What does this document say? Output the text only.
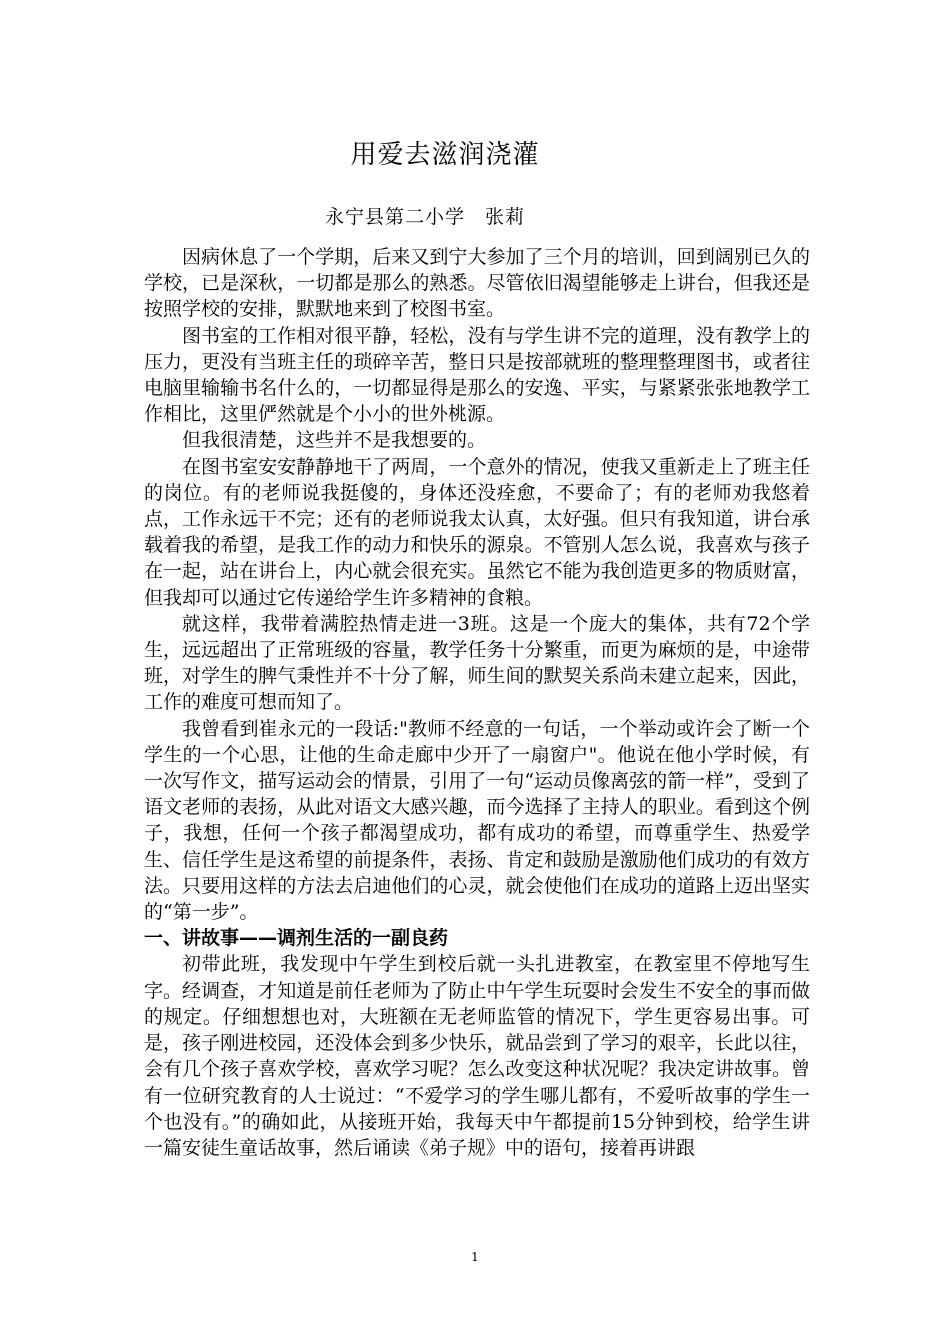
用爱去滋润浇灌
永宁县第二小学　张莉

因病休息了一个学期，后来又到宁大参加了三个月的培训，回到阔别已久的学校，已是深秋，一切都是那么的熟悉。尽管依旧渴望能够走上讲台，但我还是按照学校的安排，默默地来到了校图书室。

图书室的工作相对很平静，轻松，没有与学生讲不完的道理，没有教学上的压力，更没有当班主任的琐碎辛苦，整日只是按部就班的整理整理图书，或者往电脑里输输书名什么的，一切都显得是那么的安逸、平实，与紧紧张张地教学工作相比，这里俨然就是个小小的世外桃源。

但我很清楚，这些并不是我想要的。

在图书室安安静静地干了两周，一个意外的情况，使我又重新走上了班主任的岗位。有的老师说我挺傻的，身体还没痊愈，不要命了；有的老师劝我悠着点，工作永远干不完；还有的老师说我太认真，太好强。但只有我知道，讲台承载着我的希望，是我工作的动力和快乐的源泉。不管别人怎么说，我喜欢与孩子在一起，站在讲台上，内心就会很充实。虽然它不能为我创造更多的物质财富，但我却可以通过它传递给学生许多精神的食粮。

就这样，我带着满腔热情走进一3班。这是一个庞大的集体，共有72个学生，远远超出了正常班级的容量，教学任务十分繁重，而更为麻烦的是，中途带班，对学生的脾气秉性并不十分了解，师生间的默契关系尚未建立起来，因此，工作的难度可想而知了。

我曾看到崔永元的一段话:"教师不经意的一句话，一个举动或许会了断一个学生的一个心思，让他的生命走廊中少开了一扇窗户"。他说在他小学时候，有一次写作文，描写运动会的情景，引用了一句“运动员像离弦的箭一样”，受到了语文老师的表扬，从此对语文大感兴趣，而今选择了主持人的职业。看到这个例子，我想，任何一个孩子都渴望成功，都有成功的希望，而尊重学生、热爱学生、信任学生是这希望的前提条件，表扬、肯定和鼓励是激励他们成功的有效方法。只要用这样的方法去启迪他们的心灵，就会使他们在成功的道路上迈出坚实的“第一步”。

一、讲故事——调剂生活的一副良药

初带此班，我发现中午学生到校后就一头扎进教室，在教室里不停地写生字。经调查，才知道是前任老师为了防止中午学生玩耍时会发生不安全的事而做的规定。仔细想想也对，大班额在无老师监管的情况下，学生更容易出事。可是，孩子刚进校园，还没体会到多少快乐，就品尝到了学习的艰辛，长此以往，会有几个孩子喜欢学校，喜欢学习呢？怎么改变这种状况呢？我决定讲故事。曾有一位研究教育的人士说过：“不爱学习的学生哪儿都有，不爱听故事的学生一个也没有。”的确如此，从接班开始，我每天中午都提前15分钟到校，给学生讲一篇安徒生童话故事，然后诵读《弟子规》中的语句，接着再讲跟

1
